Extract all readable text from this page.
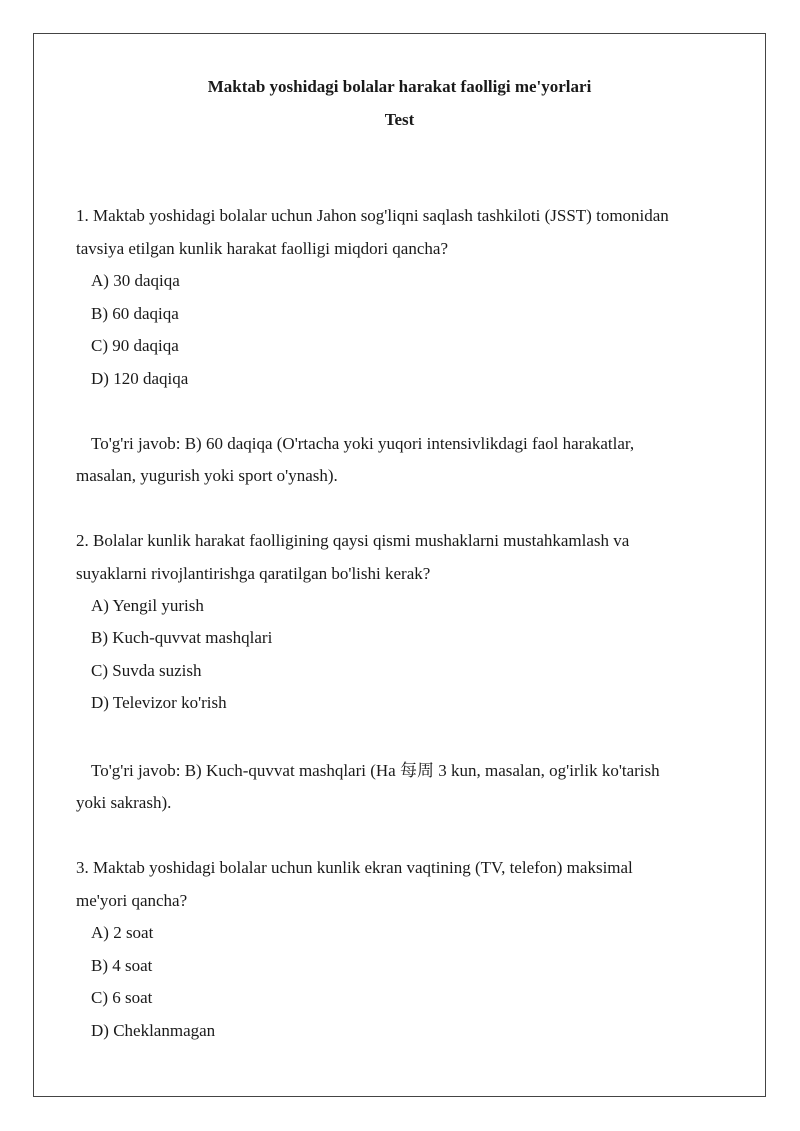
Maktab yoshidagi bolalar harakat faolligi me'yorlari
Test
1. Maktab yoshidagi bolalar uchun Jahon sog'liqni saqlash tashkiloti (JSST) tomonidan
tavsiya etilgan kunlik harakat faolligi miqdori qancha?
A) 30 daqiqa
B) 60 daqiqa
C) 90 daqiqa
D) 120 daqiqa
To'g'ri javob: B) 60 daqiqa (O'rtacha yoki yuqori intensivlikdagi faol harakatlar,
masalan, yugurish yoki sport o'ynash).
2. Bolalar kunlik harakat faolligining qaysi qismi mushaklarni mustahkamlash va
suyaklarni rivojlantirishga qaratilgan bo'lishi kerak?
A) Yengil yurish
B) Kuch-quvvat mashqlari
C) Suvda suzish
D) Televizor ko'rish
To'g'ri javob: B) Kuch-quvvat mashqlari (Ha 每周 3 kun, masalan, og'irlik ko'tarish
yoki sakrash).
3. Maktab yoshidagi bolalar uchun kunlik ekran vaqtining (TV, telefon) maksimal
me'yori qancha?
A) 2 soat
B) 4 soat
C) 6 soat
D) Cheklanmagan
